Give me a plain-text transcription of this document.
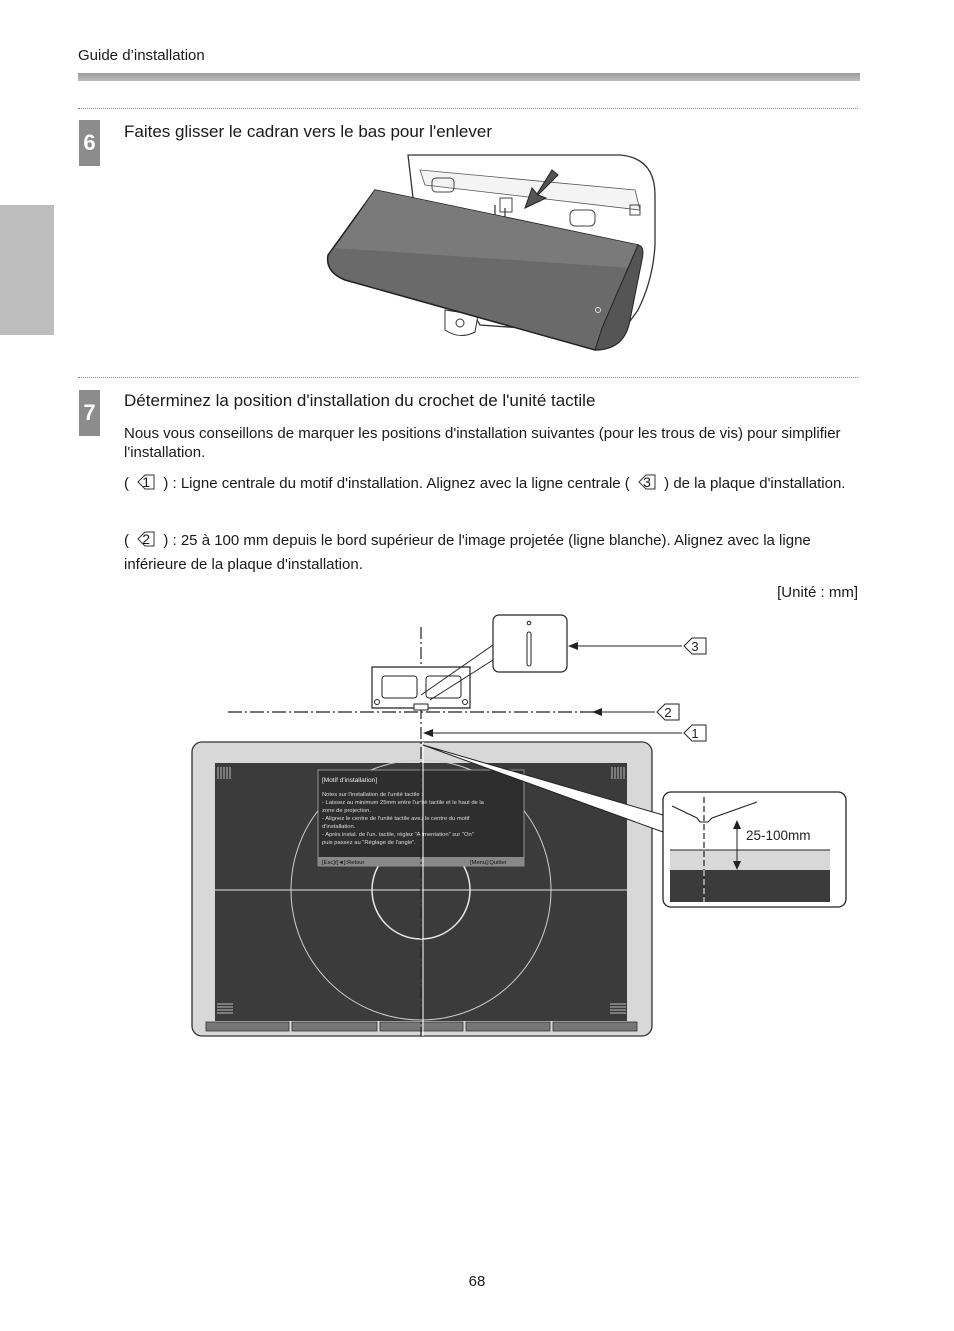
Guide d’installation
6 Faites glisser le cadran vers le bas pour l'enlever
7 Déterminez la position d'installation du crochet de l'unité tactile
Nous vous conseillons de marquer les positions d'installation suivantes (pour les trous de vis) pour simplifier l'installation.
( 1 ) : Ligne centrale du motif d'installation. Alignez avec la ligne centrale ( 3 ) de la plaque d'installation.
( 2 ) : 25 à 100 mm depuis le bord supérieur de l'image projetée (ligne blanche). Alignez avec la ligne inférieure de la plaque d'installation.
[Unité : mm]
[Motif d'installation]
Notes sur l'installation de l'unité tactile :
- Laissez au minimum 25mm entre l'unité tactile et le haut de la
zone de projection.
- Alignez le centre de l'unité tactile avec le centre du motif
d'installation.
- Après instal. de l'un. tactile, réglez "Alimentation" sur "On"
puis passez au "Réglage de l'angle".
[Esc]/[◄]:Retour	[Menu]:Quitter
3
2
1
25-100mm
68
